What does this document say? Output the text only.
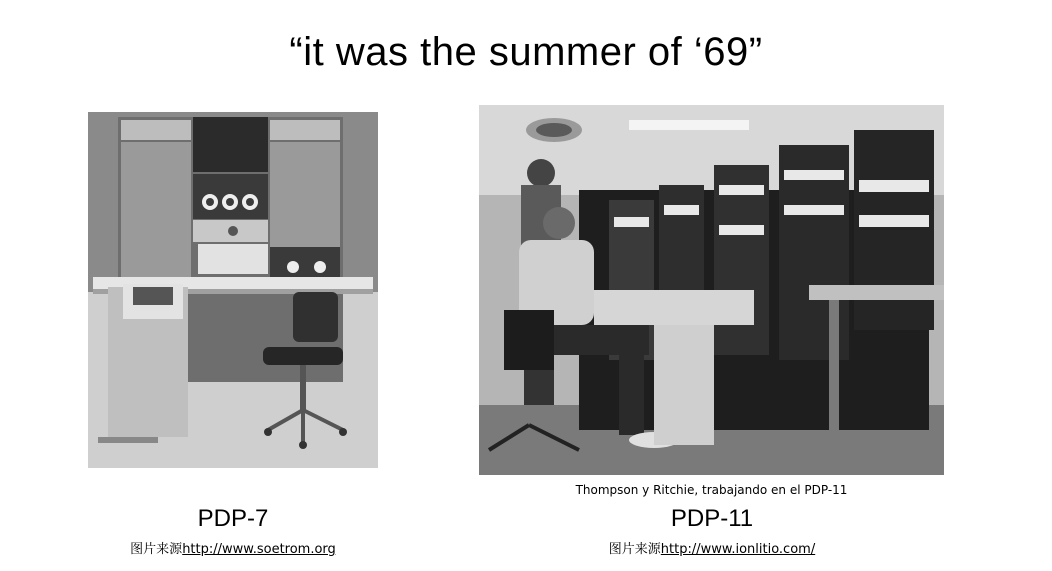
“it was the summer of ‘69”
Thompson y Ritchie, trabajando en el PDP-11
PDP-7	PDP-11
图片来源http://www.soetrom.org	图片来源http://www.ionlitio.com/
